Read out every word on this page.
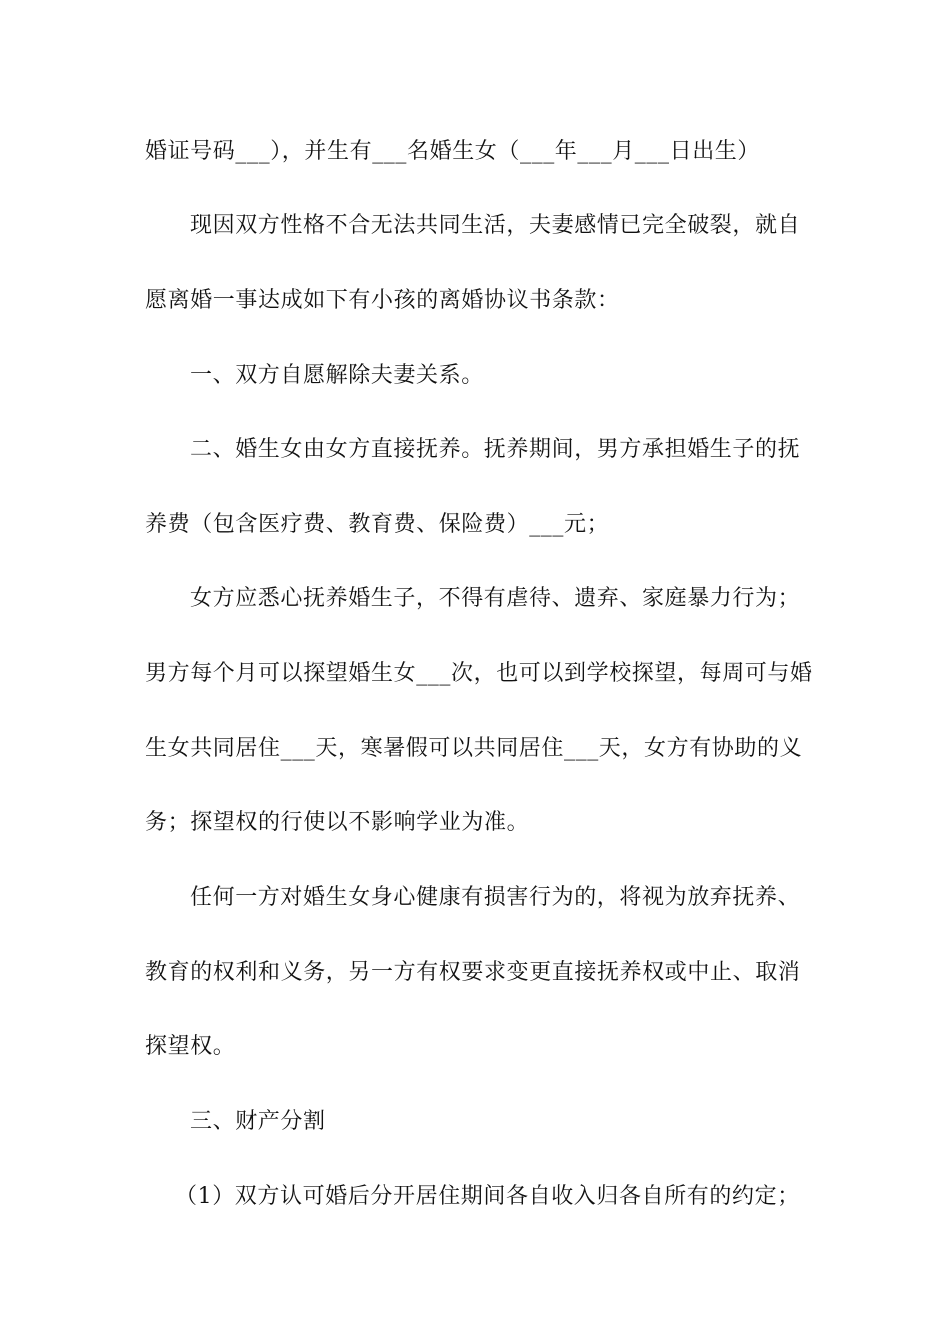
婚证号码___），并生有___名婚生女（___年___月___日出生）
现因双方性格不合无法共同生活，夫妻感情已完全破裂，就自
愿离婚一事达成如下有小孩的离婚协议书条款：
一、双方自愿解除夫妻关系。
二、婚生女由女方直接抚养。抚养期间，男方承担婚生子的抚
养费（包含医疗费、教育费、保险费）___元；
女方应悉心抚养婚生子，不得有虐待、遗弃、家庭暴力行为；
男方每个月可以探望婚生女___次，也可以到学校探望，每周可与婚
生女共同居住___天，寒暑假可以共同居住___天，女方有协助的义
务；探望权的行使以不影响学业为准。
任何一方对婚生女身心健康有损害行为的，将视为放弃抚养、
教育的权利和义务，另一方有权要求变更直接抚养权或中止、取消
探望权。
三、财产分割
（1）双方认可婚后分开居住期间各自收入归各自所有的约定；
